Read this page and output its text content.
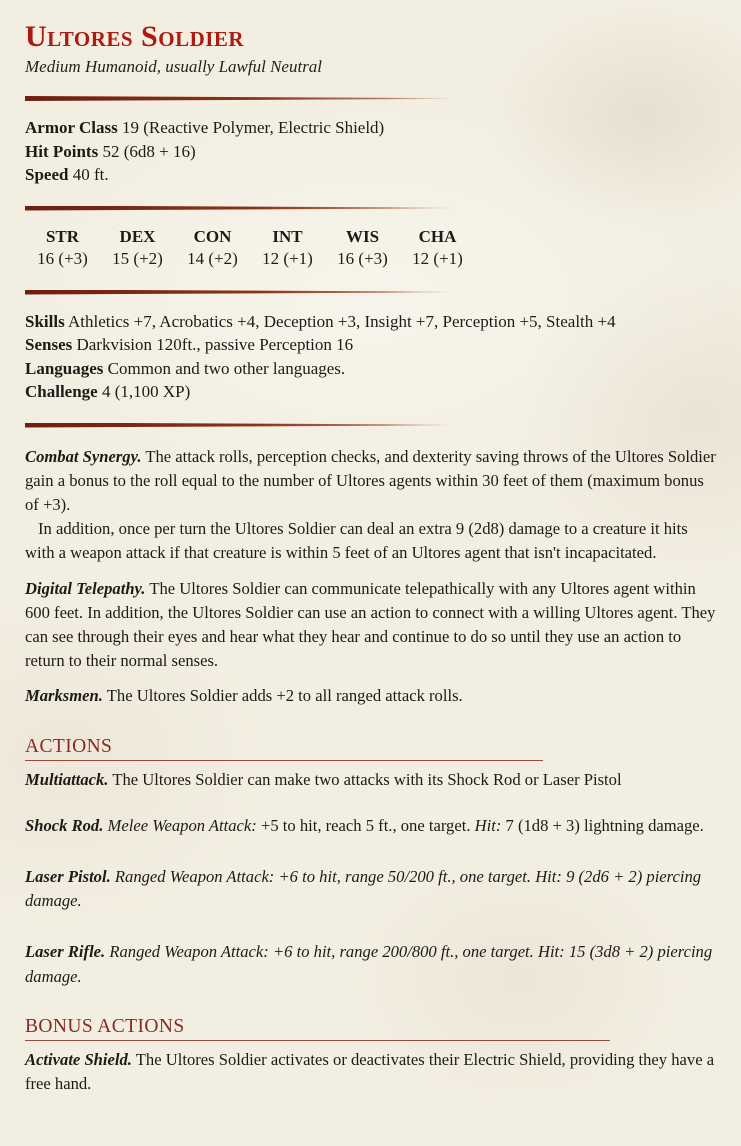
Ultores Soldier
Medium Humanoid, usually Lawful Neutral
Armor Class 19 (Reactive Polymer, Electric Shield)
Hit Points 52 (6d8 + 16)
Speed 40 ft.
STR
16 (+3)
DEX
15 (+2)
CON
14 (+2)
INT
12 (+1)
WIS
16 (+3)
CHA
12 (+1)
Skills Athletics +7, Acrobatics +4, Deception +3, Insight +7, Perception +5, Stealth +4
Senses Darkvision 120ft., passive Perception 16
Languages Common and two other languages.
Challenge 4 (1,100 XP)

Combat Synergy. The attack rolls, perception checks, and dexterity saving throws of the Ultores Soldier gain a bonus to the roll equal to the number of Ultores agents within 30 feet of them (maximum bonus of +3).

In addition, once per turn the Ultores Soldier can deal an extra 9 (2d8) damage to a creature it hits with a weapon attack if that creature is within 5 feet of an Ultores agent that isn't incapacitated.

Digital Telepathy. The Ultores Soldier can communicate telepathically with any Ultores agent within 600 feet. In addition, the Ultores Soldier can use an action to connect with a willing Ultores agent. They can see through their eyes and hear what they hear and continue to do so until they use an action to return to their normal senses.

Marksmen. The Ultores Soldier adds +2 to all ranged attack rolls.

ACTIONS

Multiattack. The Ultores Soldier can make two attacks with its Shock Rod or Laser Pistol

Shock Rod. Melee Weapon Attack: +5 to hit, reach 5 ft., one target. Hit: 7 (1d8 + 3) lightning damage.

Laser Pistol. Ranged Weapon Attack: +6 to hit, range 50/200 ft., one target. Hit: 9 (2d6 + 2) piercing damage.

Laser Rifle. Ranged Weapon Attack: +6 to hit, range 200/800 ft., one target. Hit: 15 (3d8 + 2) piercing damage.

BONUS ACTIONS

Activate Shield. The Ultores Soldier activates or deactivates their Electric Shield, providing they have a free hand.
